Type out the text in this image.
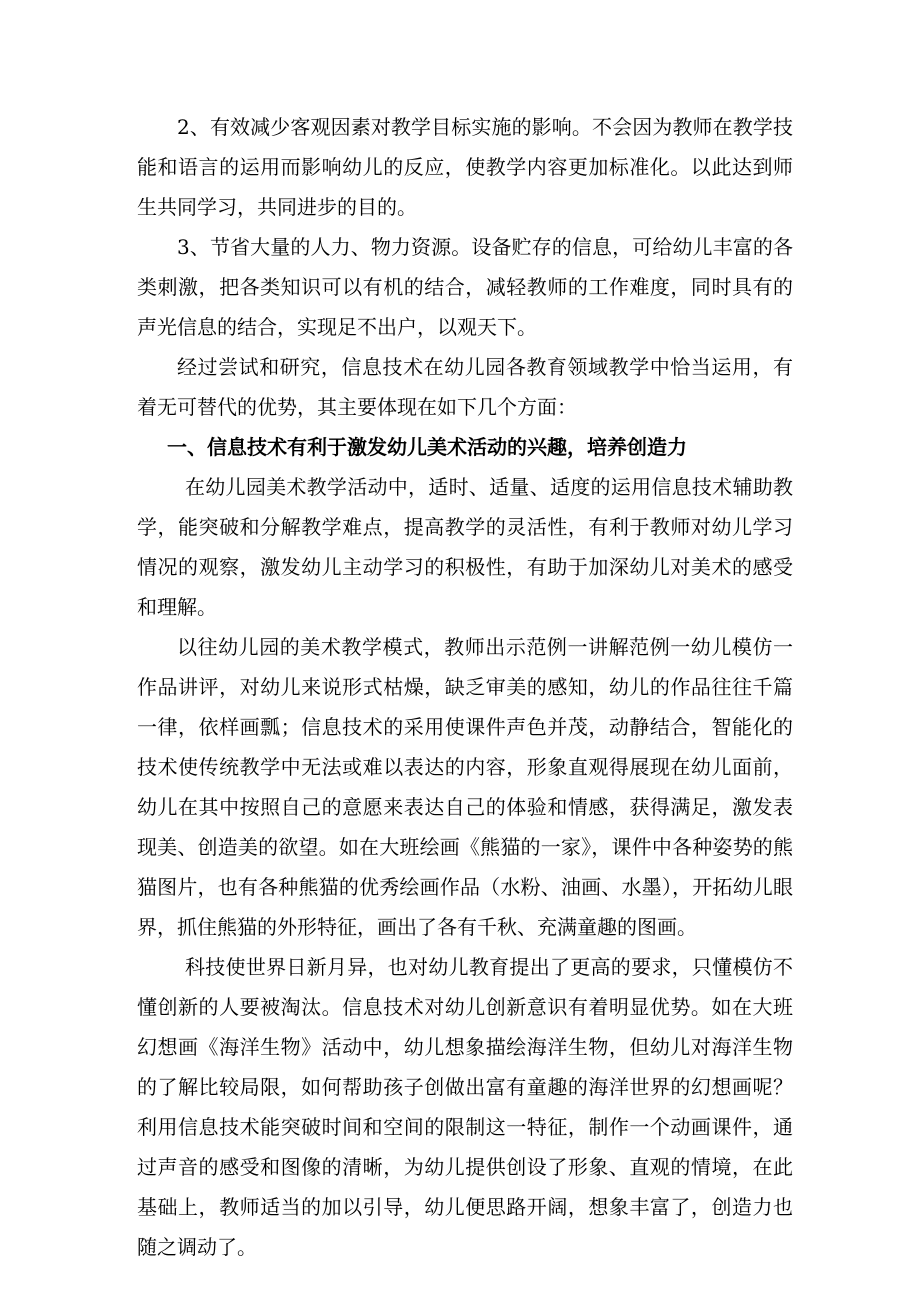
2、有效减少客观因素对教学目标实施的影响。不会因为教师在教学技能和语言的运用而影响幼儿的反应，使教学内容更加标准化。以此达到师生共同学习，共同进步的目的。

3、节省大量的人力、物力资源。设备贮存的信息，可给幼儿丰富的各类刺激，把各类知识可以有机的结合，减轻教师的工作难度，同时具有的声光信息的结合，实现足不出户，以观天下。

经过尝试和研究，信息技术在幼儿园各教育领域教学中恰当运用，有着无可替代的优势，其主要体现在如下几个方面：

一、信息技术有利于激发幼儿美术活动的兴趣，培养创造力

在幼儿园美术教学活动中，适时、适量、适度的运用信息技术辅助教学，能突破和分解教学难点，提高教学的灵活性，有利于教师对幼儿学习情况的观察，激发幼儿主动学习的积极性，有助于加深幼儿对美术的感受和理解。

以往幼儿园的美术教学模式，教师出示范例一讲解范例一幼儿模仿一作品讲评，对幼儿来说形式枯燥，缺乏审美的感知，幼儿的作品往往千篇一律，依样画瓢；信息技术的采用使课件声色并茂，动静结合，智能化的技术使传统教学中无法或难以表达的内容，形象直观得展现在幼儿面前，幼儿在其中按照自己的意愿来表达自己的体验和情感，获得满足，激发表现美、创造美的欲望。如在大班绘画《熊猫的一家》，课件中各种姿势的熊猫图片，也有各种熊猫的优秀绘画作品（水粉、油画、水墨），开拓幼儿眼界，抓住熊猫的外形特征，画出了各有千秋、充满童趣的图画。

科技使世界日新月异，也对幼儿教育提出了更高的要求，只懂模仿不懂创新的人要被淘汰。信息技术对幼儿创新意识有着明显优势。如在大班幻想画《海洋生物》活动中，幼儿想象描绘海洋生物，但幼儿对海洋生物的了解比较局限，如何帮助孩子创做出富有童趣的海洋世界的幻想画呢？利用信息技术能突破时间和空间的限制这一特征，制作一个动画课件，通过声音的感受和图像的清晰，为幼儿提供创设了形象、直观的情境，在此基础上，教师适当的加以引导，幼儿便思路开阔，想象丰富了，创造力也随之调动了。
